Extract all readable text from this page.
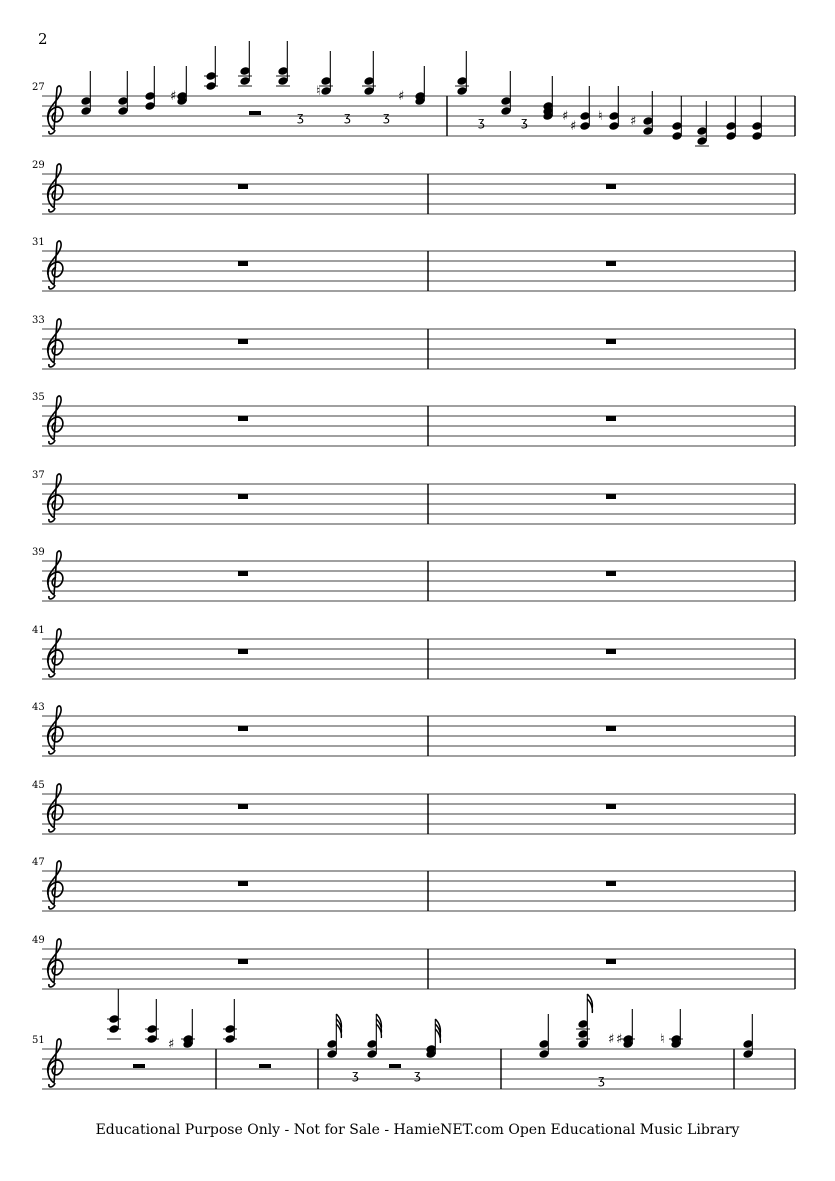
2
27
29
31
33
35
37
39
41
43
45
47
49
51
♯
ʒ
♮
ʒ	ʒ
♯
ʒ	ʒ	♯
♯
♮ ♯
♯
ʒ	ʒ	ʒ
♯ ♯	♮
Educational Purpose Only - Not for Sale - HamieNET.com Open Educational Music Library
